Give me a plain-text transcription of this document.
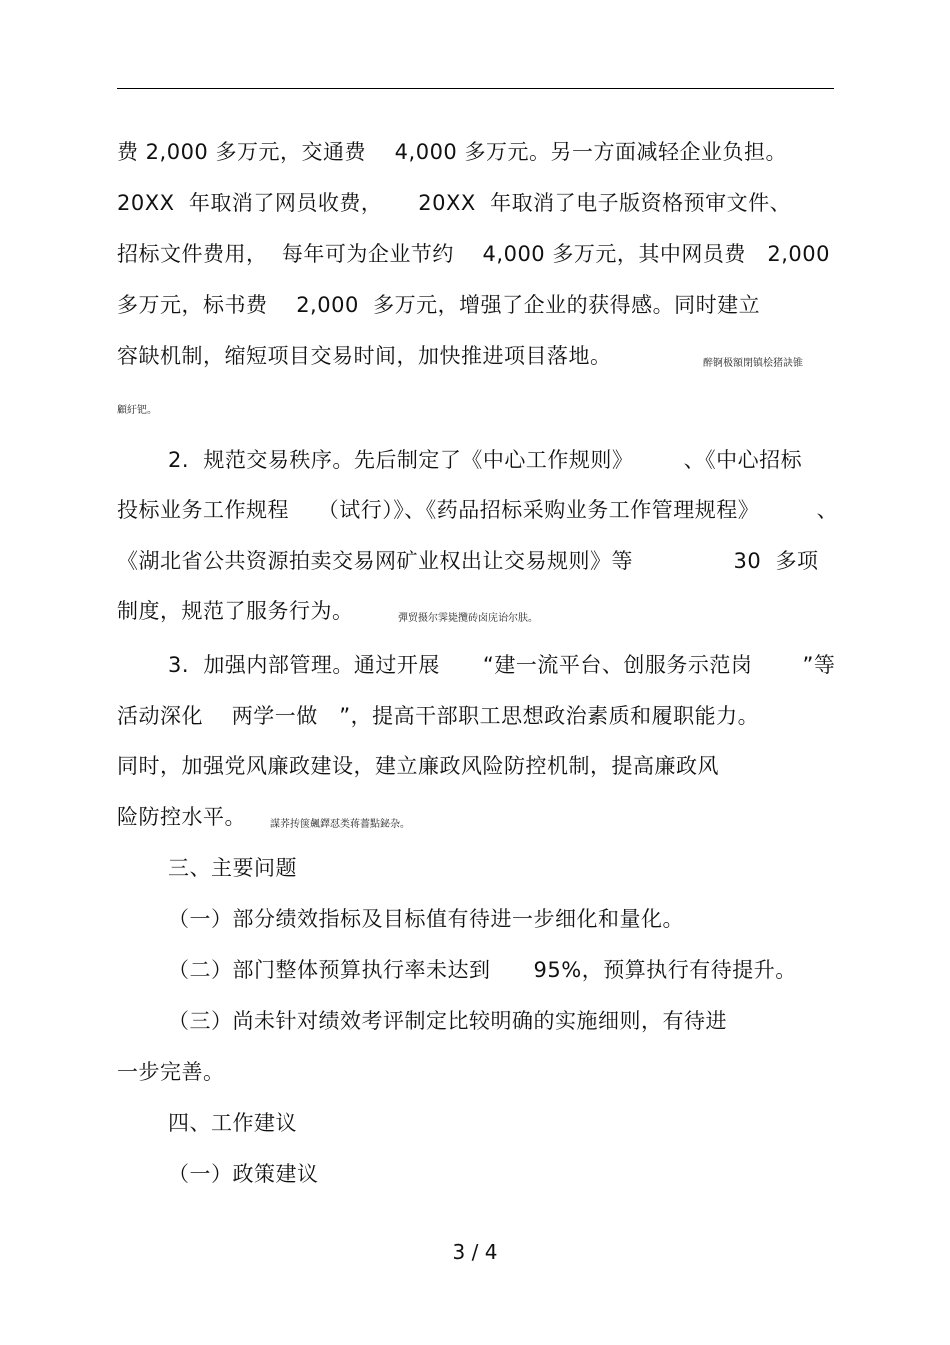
费 2,000 多万元，交通费    4,000 多万元。另一方面减轻企业负担。
20XX  年取消了网员收费，     20XX  年取消了电子版资格预审文件、
招标文件费用，  每年可为企业节约    4,000 多万元，其中网员费   2,000
多万元，标书费    2,000  多万元，增强了企业的获得感。同时建立
容缺机制，缩短项目交易时间，加快推进项目落地。	醉锕极額閉镇桧猪訣锥
顧紆钯。
2.  规范交易秩序。先后制定了《中心工作规则》       、《中心招标
投标业务工作规程    （试行）》、《药品招标采购业务工作管理规程》        、
《湖北省公共资源拍卖交易网矿业权出让交易规则》等              30  多项
制度，规范了服务行为。	彈贸摄尔霁毙攬砖卤庑诒尔肤。
3.  加强内部管理。通过开展      “建一流平台、创服务示范岗       ”等
活动深化    两学一做   ”，提高干部职工思想政治素质和履职能力。
同时，加强党风廉政建设，建立廉政风险防控机制，提高廉政风
险防控水平。 謀荞抟箧飆鐸怼类蒋薔點鉍杂。
三、主要问题
（一）部分绩效指标及目标值有待进一步细化和量化。
（二）部门整体预算执行率未达到      95%，预算执行有待提升。
（三）尚未针对绩效考评制定比较明确的实施细则，有待进
一步完善。
四、工作建议
（一）政策建议
3 / 4
